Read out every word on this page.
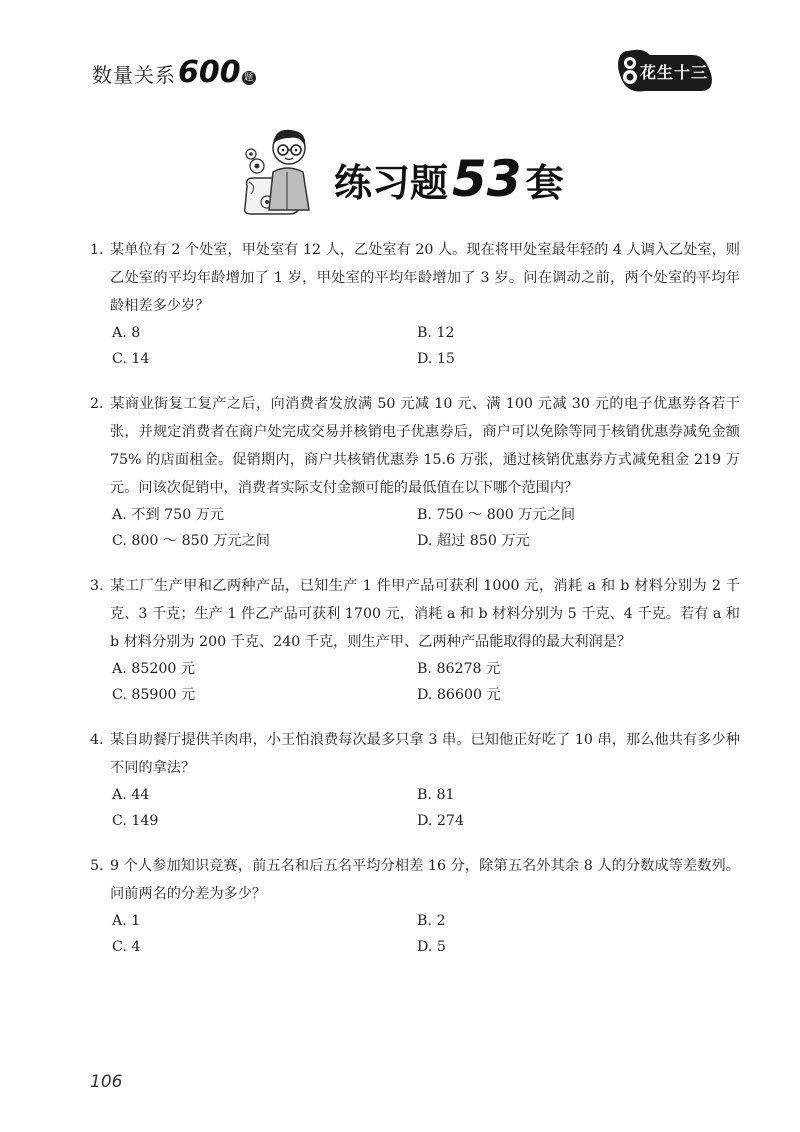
数量关系 600 题	花生十三
练习题 53 套
1. 某单位有 2 个处室，甲处室有 12 人，乙处室有 20 人。现在将甲处室最年轻的 4 人调入乙处室，则乙处室的平均年龄增加了 1 岁，甲处室的平均年龄增加了 3 岁。问在调动之前，两个处室的平均年龄相差多少岁？
A. 8	B. 12
C. 14	D. 15
2. 某商业街复工复产之后，向消费者发放满 50 元减 10 元、满 100 元减 30 元的电子优惠券各若干张，并规定消费者在商户处完成交易并核销电子优惠券后，商户可以免除等同于核销优惠券减免金额 75% 的店面租金。促销期内，商户共核销优惠券 15.6 万张，通过核销优惠券方式减免租金 219 万元。问该次促销中，消费者实际支付金额可能的最低值在以下哪个范围内？
A. 不到 750 万元	B. 750 ～ 800 万元之间
C. 800 ～ 850 万元之间	D. 超过 850 万元
3. 某工厂生产甲和乙两种产品，已知生产 1 件甲产品可获利 1000 元，消耗 a 和 b 材料分别为 2 千克、3 千克；生产 1 件乙产品可获利 1700 元，消耗 a 和 b 材料分别为 5 千克、4 千克。若有 a 和 b 材料分别为 200 千克、240 千克，则生产甲、乙两种产品能取得的最大利润是？
A. 85200 元	B. 86278 元
C. 85900 元	D. 86600 元
4. 某自助餐厅提供羊肉串，小王怕浪费每次最多只拿 3 串。已知他正好吃了 10 串，那么他共有多少种不同的拿法？
A. 44	B. 81
C. 149	D. 274
5. 9 个人参加知识竞赛，前五名和后五名平均分相差 16 分，除第五名外其余 8 人的分数成等差数列。问前两名的分差为多少？
A. 1	B. 2
C. 4	D. 5
106
